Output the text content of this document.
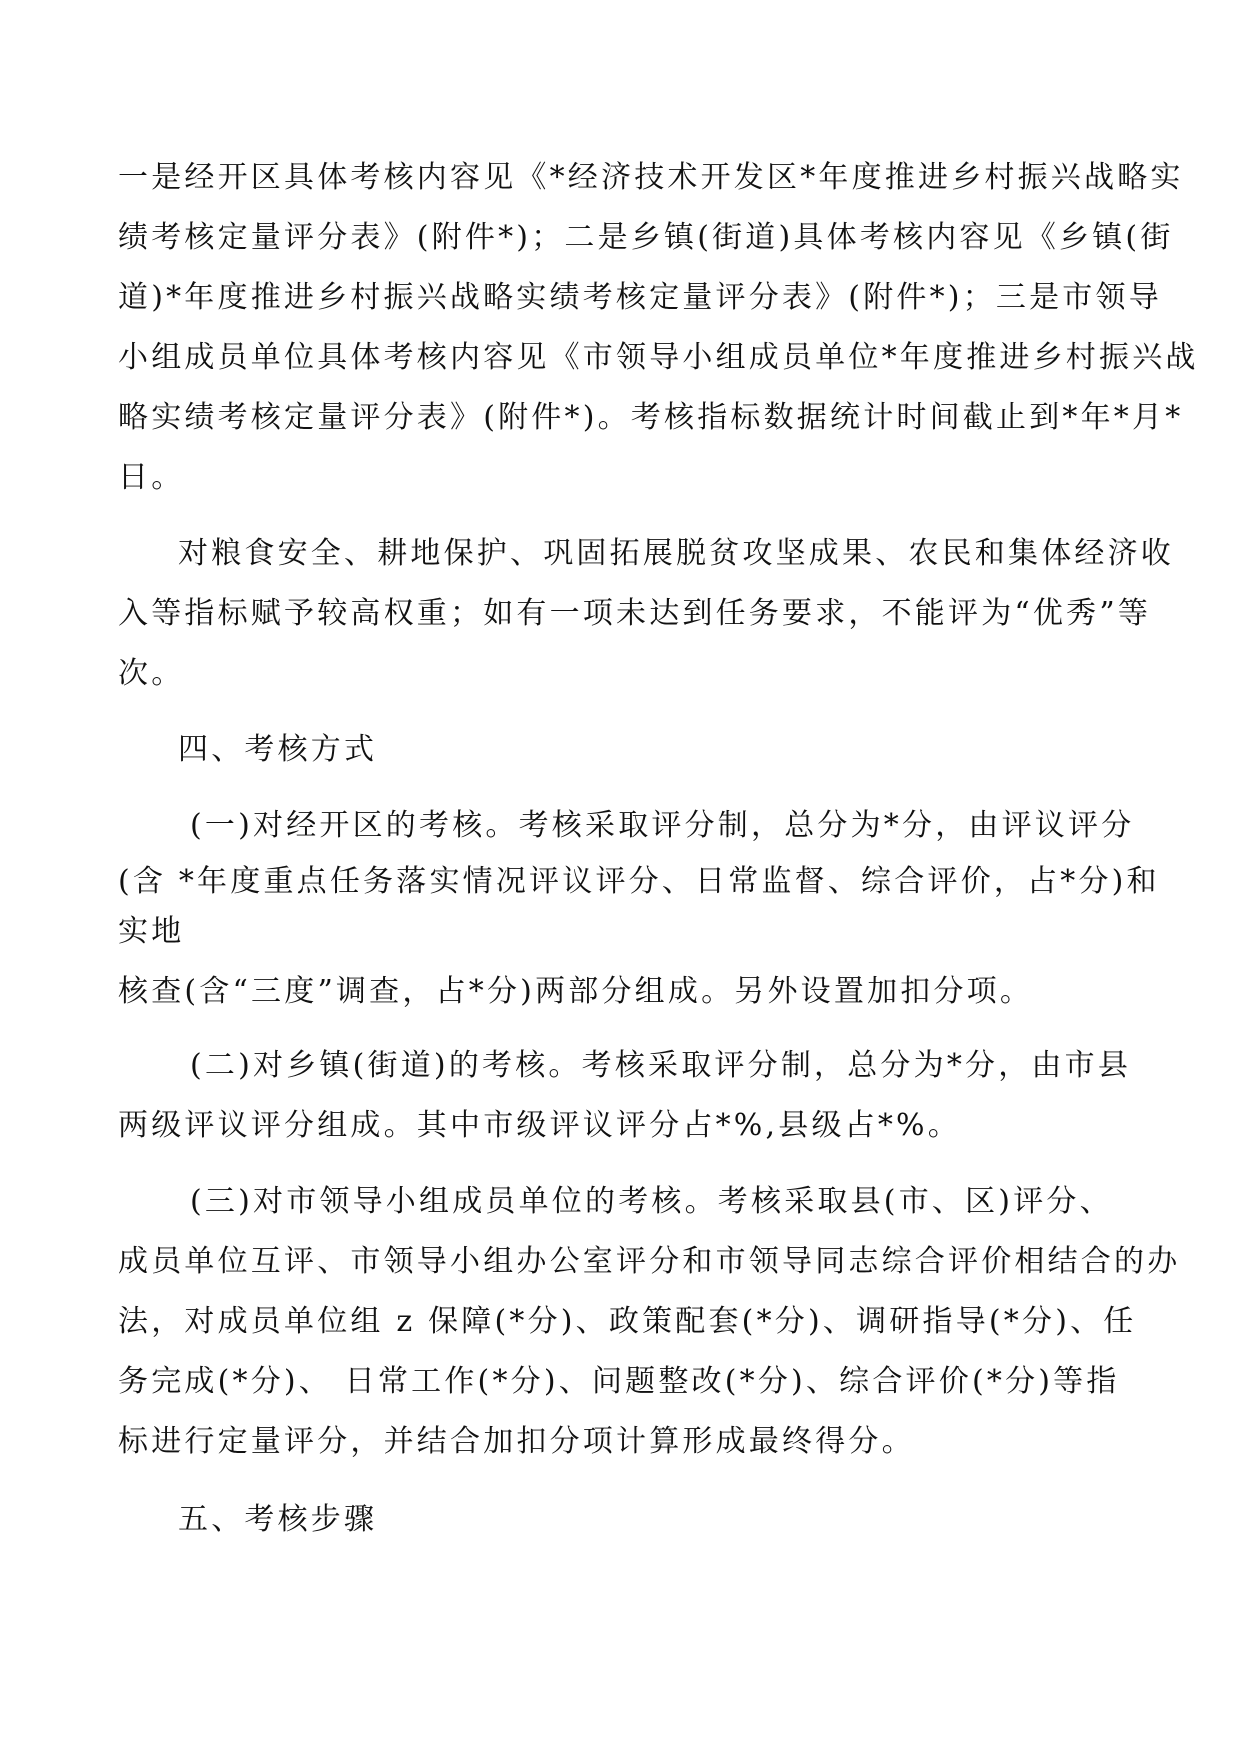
一是经开区具体考核内容见《*经济技术开发区*年度推进乡村振兴战略实
绩考核定量评分表》(附件*)；二是乡镇(街道)具体考核内容见《乡镇(街
道)*年度推进乡村振兴战略实绩考核定量评分表》(附件*)；三是市领导
小组成员单位具体考核内容见《市领导小组成员单位*年度推进乡村振兴战
略实绩考核定量评分表》(附件*)。考核指标数据统计时间截止到*年*月*
日。
对粮食安全、耕地保护、巩固拓展脱贫攻坚成果、农民和集体经济收
入等指标赋予较高权重；如有一项未达到任务要求，不能评为“优秀”等
次。
四、考核方式
(一)对经开区的考核。考核采取评分制，总分为*分，由评议评分
(含 *年度重点任务落实情况评议评分、日常监督、综合评价，占*分)和
实地
核查(含“三度”调查，占*分)两部分组成。另外设置加扣分项。
(二)对乡镇(街道)的考核。考核采取评分制，总分为*分，由市县
两级评议评分组成。其中市级评议评分占*%,县级占*%。
(三)对市领导小组成员单位的考核。考核采取县(市、区)评分、
成员单位互评、市领导小组办公室评分和市领导同志综合评价相结合的办
法，对成员单位组 z 保障(*分)、政策配套(*分)、调研指导(*分)、任
务完成(*分)、 日常工作(*分)、问题整改(*分)、综合评价(*分)等指
标进行定量评分，并结合加扣分项计算形成最终得分。
五、考核步骤
